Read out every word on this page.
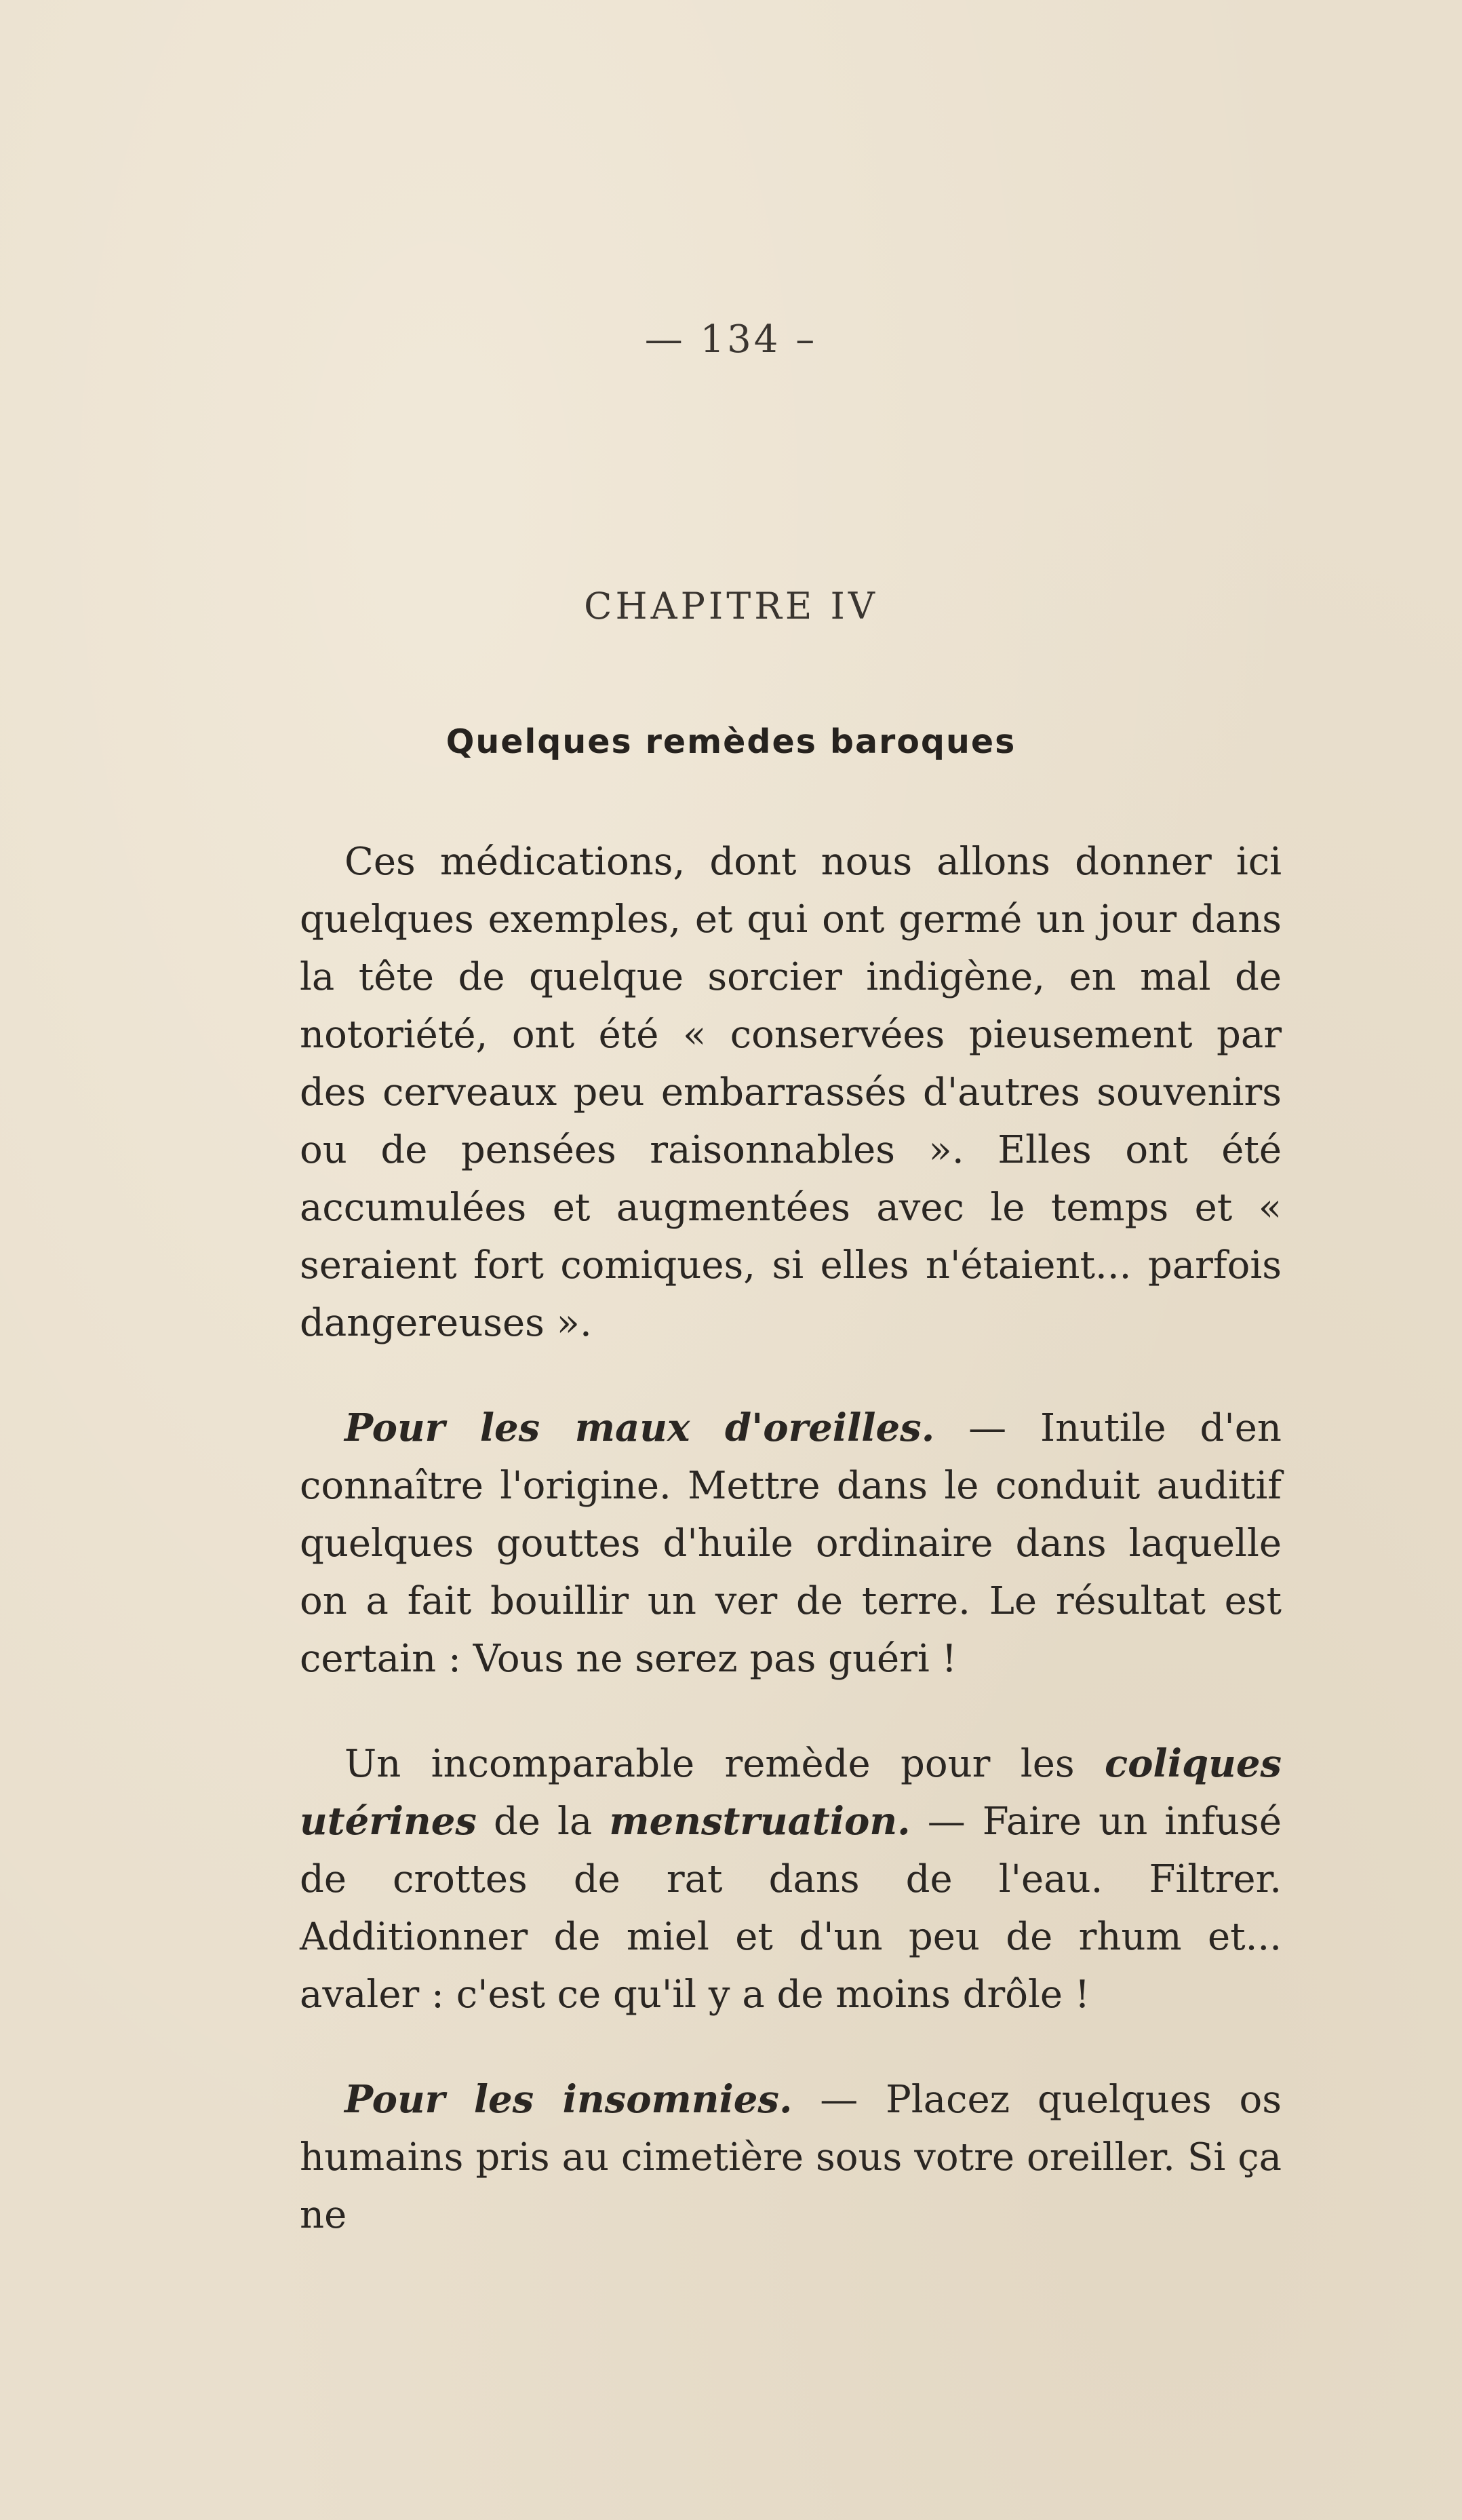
— 134 –
CHAPITRE IV
Quelques remèdes baroques

Ces médications, dont nous allons donner ici quelques exemples, et qui ont germé un jour dans la tête de quelque sorcier indigène, en mal de notoriété, ont été « conservées pieusement par des cerveaux peu embarrassés d'autres souvenirs ou de pensées raisonnables ». Elles ont été accumulées et augmentées avec le temps et « seraient fort comiques, si elles n'étaient... parfois dangereuses ».

Pour les maux d'oreilles. — Inutile d'en connaître l'origine. Mettre dans le conduit auditif quelques gouttes d'huile ordinaire dans laquelle on a fait bouillir un ver de terre. Le résultat est certain : Vous ne serez pas guéri !

Un incomparable remède pour les coliques utérines de la menstruation. — Faire un infusé de crottes de rat dans de l'eau. Filtrer. Additionner de miel et d'un peu de rhum et... avaler : c'est ce qu'il y a de moins drôle !

Pour les insomnies. — Placez quelques os humains pris au cimetière sous votre oreiller. Si ça ne
